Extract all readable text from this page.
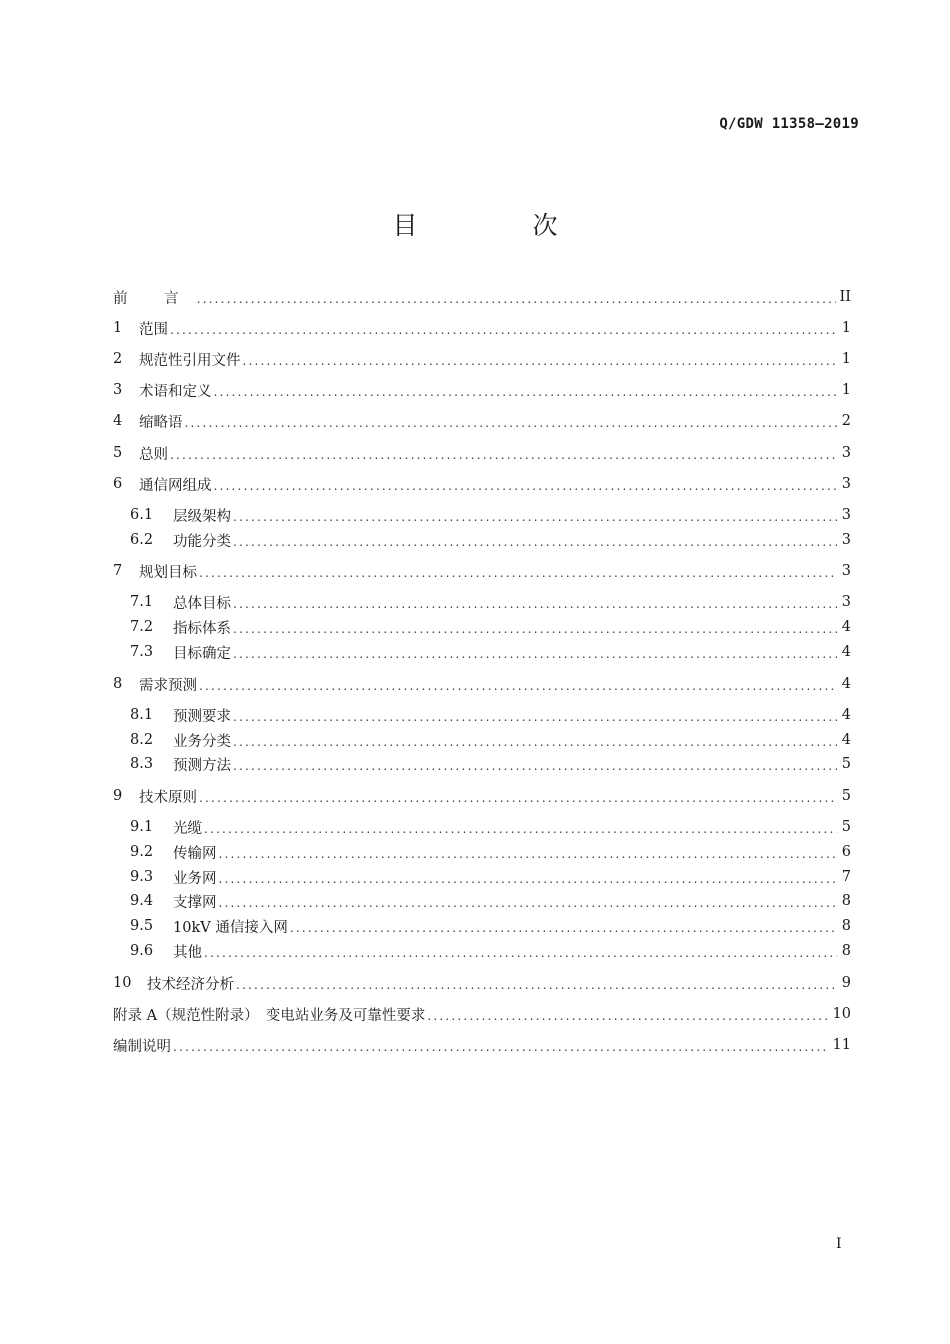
Q/GDW 11358—2019
目　次
前 言 .....	II
1	范围 .....	1
2	规范性引用文件 .....	1
3	术语和定义 .....	1
4	缩略语 .....	2
5	总则 .....	3
6	通信网组成 .....	3
6.1	层级架构 .....	3
6.2	功能分类 .....	3
7	规划目标 .....	3
7.1	总体目标 .....	3
7.2	指标体系 .....	4
7.3	目标确定 .....	4
8	需求预测 .....	4
8.1	预测要求 .....	4
8.2	业务分类 .....	4
8.3	预测方法 .....	5
9	技术原则 .....	5
9.1	光缆 .....	5
9.2	传输网 .....	6
9.3	业务网 .....	7
9.4	支撑网 .....	8
9.5	10kV 通信接入网 .....	8
9.6	其他 .....	8
10	技术经济分析 .....	9
附录 A（规范性附录）　变电站业务及可靠性要求 .....	10
编制说明 .....	11
I
